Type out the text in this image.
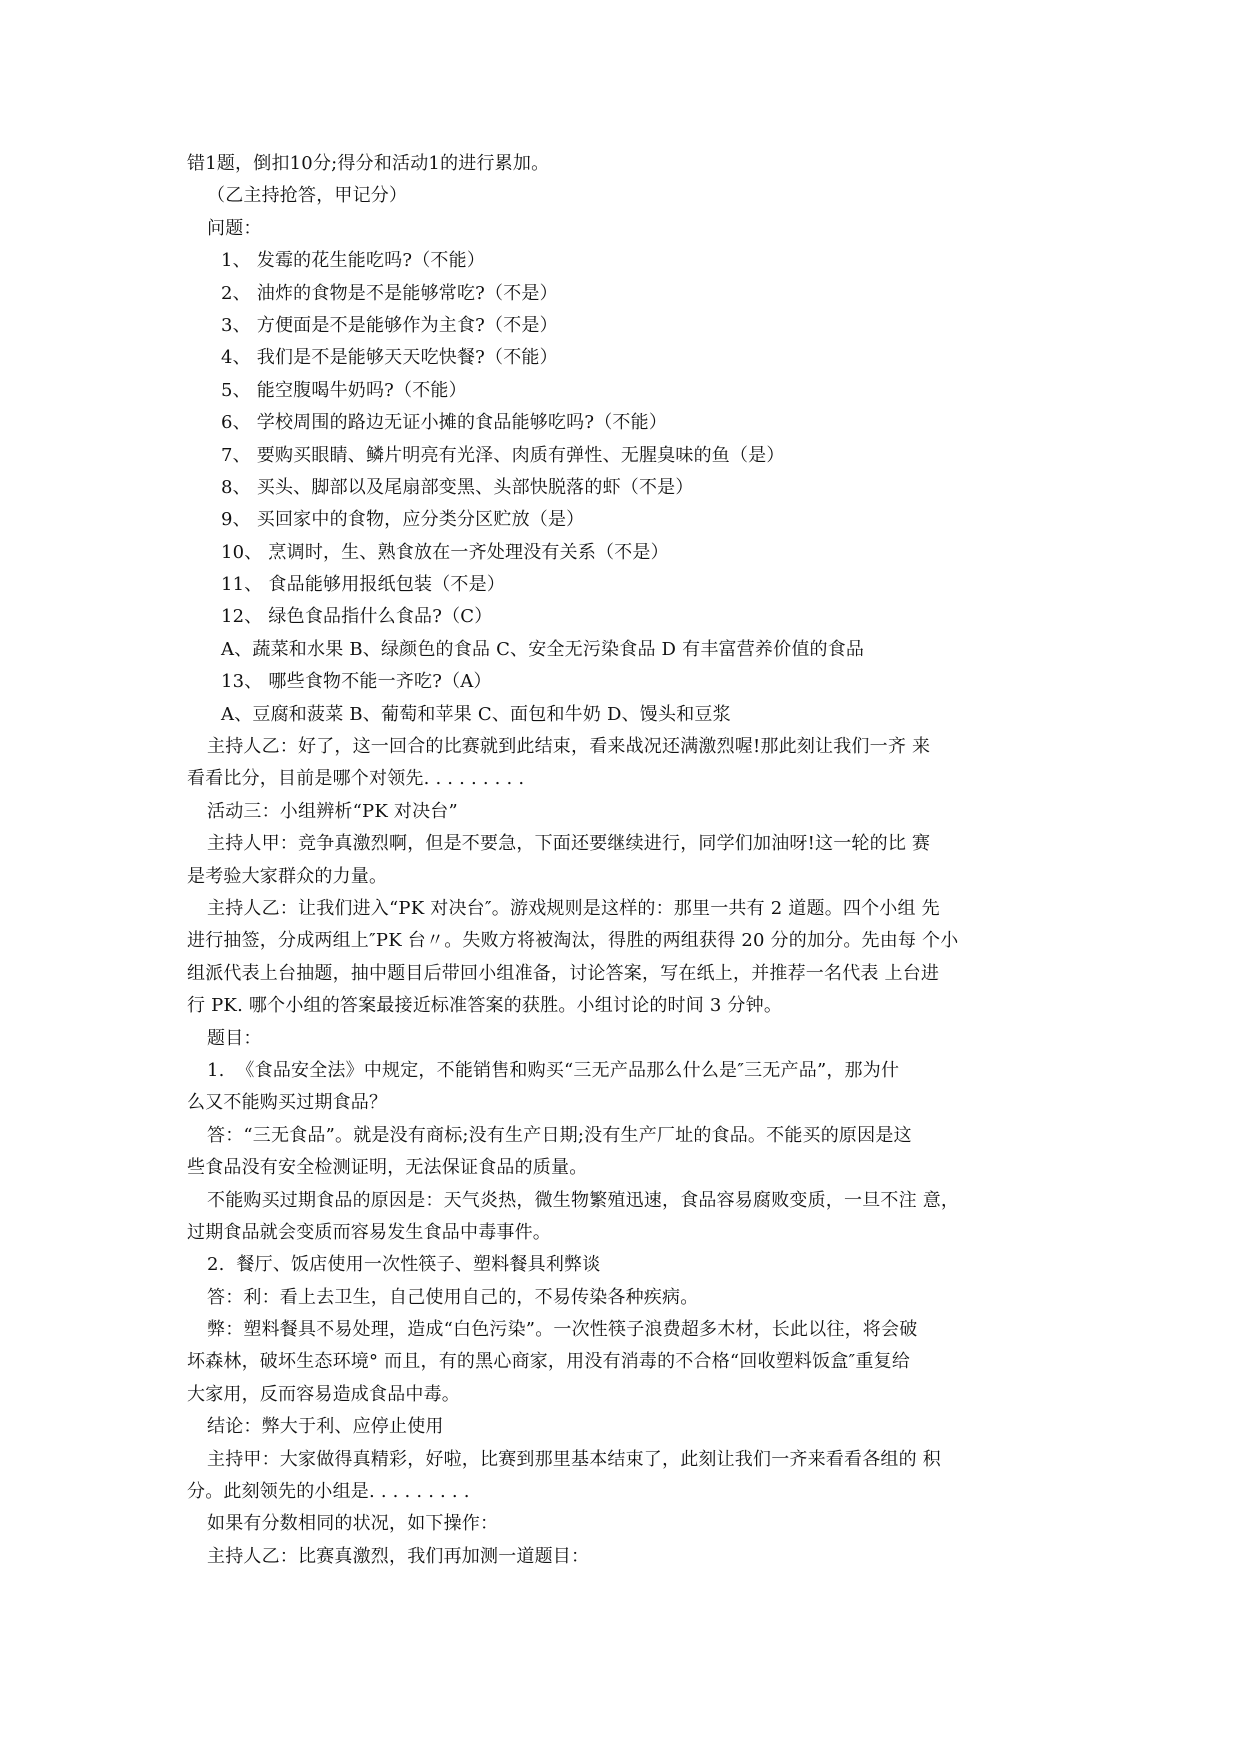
错1题，倒扣10分;得分和活动1的进行累加。
（乙主持抢答，甲记分）
问题：
1、 发霉的花生能吃吗?（不能）
2、 油炸的食物是不是能够常吃?（不是）
3、 方便面是不是能够作为主食?（不是）
4、 我们是不是能够天天吃快餐?（不能）
5、 能空腹喝牛奶吗?（不能）
6、 学校周围的路边无证小摊的食品能够吃吗?（不能）
7、 要购买眼睛、鳞片明亮有光泽、肉质有弹性、无腥臭味的鱼（是）
8、 买头、脚部以及尾扇部变黑、头部快脱落的虾（不是）
9、 买回家中的食物，应分类分区贮放（是）
10、 烹调时，生、熟食放在一齐处理没有关系（不是）
11、 食品能够用报纸包装（不是）
12、 绿色食品指什么食品?（C）
A、蔬菜和水果 B、绿颜色的食品 C、安全无污染食品 D 有丰富营养价值的食品
13、 哪些食物不能一齐吃?（A）
A、豆腐和菠菜 B、葡萄和苹果 C、面包和牛奶 D、馒头和豆浆
主持人乙：好了，这一回合的比赛就到此结束，看来战况还满激烈喔!那此刻让我们一齐 来
看看比分，目前是哪个对领先. . . . . . . . .
活动三：小组辨析“PK 对决台”
主持人甲：竞争真激烈啊，但是不要急，下面还要继续进行，同学们加油呀!这一轮的比 赛
是考验大家群众的力量。
主持人乙：让我们进入“PK 对决台″。游戏规则是这样的：那里一共有 2 道题。四个小组 先
进行抽签，分成两组上″PK 台〃。失败方将被淘汰，得胜的两组获得 20 分的加分。先由每 个小
组派代表上台抽题，抽中题目后带回小组准备，讨论答案，写在纸上，并推荐一名代表 上台进
行 PK. 哪个小组的答案最接近标准答案的获胜。小组讨论的时间 3 分钟。
题目：
1.  《食品安全法》中规定，不能销售和购买“三无产品那么什么是″三无产品”，那为什
么又不能购买过期食品？
答：“三无食品”。就是没有商标;没有生产日期;没有生产厂址的食品。不能买的原因是这
些食品没有安全检测证明，无法保证食品的质量。
不能购买过期食品的原因是：天气炎热，微生物繁殖迅速，食品容易腐败变质，一旦不注 意，
过期食品就会变质而容易发生食品中毒事件。
2.  餐厅、饭店使用一次性筷子、塑料餐具利弊谈
答：利：看上去卫生，自己使用自己的，不易传染各种疾病。
弊：塑料餐具不易处理，造成“白色污染”。一次性筷子浪费超多木材，长此以往，将会破
坏森林，破坏生态环境° 而且，有的黑心商家，用没有消毒的不合格“回收塑料饭盒″重复给
大家用，反而容易造成食品中毒。
结论：弊大于利、应停止使用
主持甲：大家做得真精彩，好啦，比赛到那里基本结束了，此刻让我们一齐来看看各组的 积
分。此刻领先的小组是. . . . . . . . .
如果有分数相同的状况，如下操作：
主持人乙：比赛真激烈，我们再加测一道题目：
